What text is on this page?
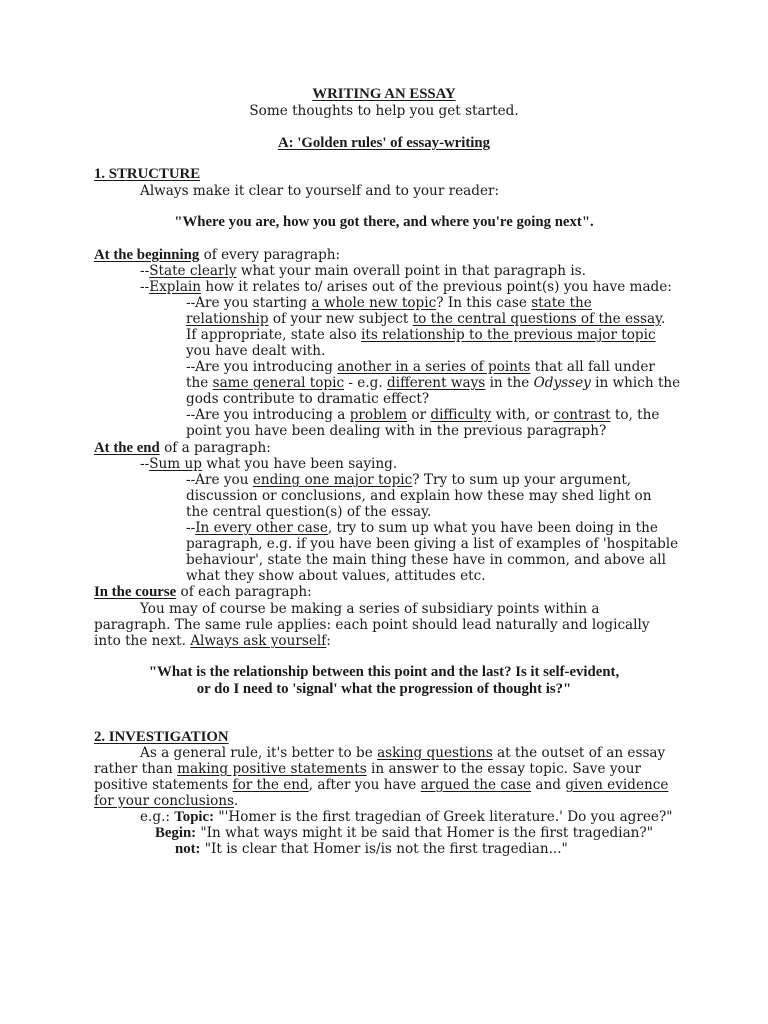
WRITING AN ESSAY
Some thoughts to help you get started.
A: 'Golden rules' of essay-writing
1. STRUCTURE
Always make it clear to yourself and to your reader:
"Where you are, how you got there, and where you're going next".
At the beginning of every paragraph:
--State clearly what your main overall point in that paragraph is.
--Explain how it relates to/ arises out of the previous point(s) you have made:
--Are you starting a whole new topic? In this case state the
relationship of your new subject to the central questions of the essay.
If appropriate, state also its relationship to the previous major topic
you have dealt with.
--Are you introducing another in a series of points that all fall under
the same general topic - e.g. different ways in the Odyssey in which the
gods contribute to dramatic effect?
--Are you introducing a problem or difficulty with, or contrast to, the
point you have been dealing with in the previous paragraph?
At the end of a paragraph:
--Sum up what you have been saying.
--Are you ending one major topic? Try to sum up your argument,
discussion or conclusions, and explain how these may shed light on
the central question(s) of the essay.
--In every other case, try to sum up what you have been doing in the
paragraph, e.g. if you have been giving a list of examples of 'hospitable
behaviour', state the main thing these have in common, and above all
what they show about values, attitudes etc.
In the course of each paragraph:
You may of course be making a series of subsidiary points within a
paragraph. The same rule applies: each point should lead naturally and logically
into the next. Always ask yourself:
"What is the relationship between this point and the last? Is it self-evident,
or do I need to 'signal' what the progression of thought is?"
2. INVESTIGATION
As a general rule, it's better to be asking questions at the outset of an essay
rather than making positive statements in answer to the essay topic. Save your
positive statements for the end, after you have argued the case and given evidence
for your conclusions.
e.g.: Topic: "'Homer is the first tragedian of Greek literature.' Do you agree?"
Begin: "In what ways might it be said that Homer is the first tragedian?"
not: "It is clear that Homer is/is not the first tragedian..."
